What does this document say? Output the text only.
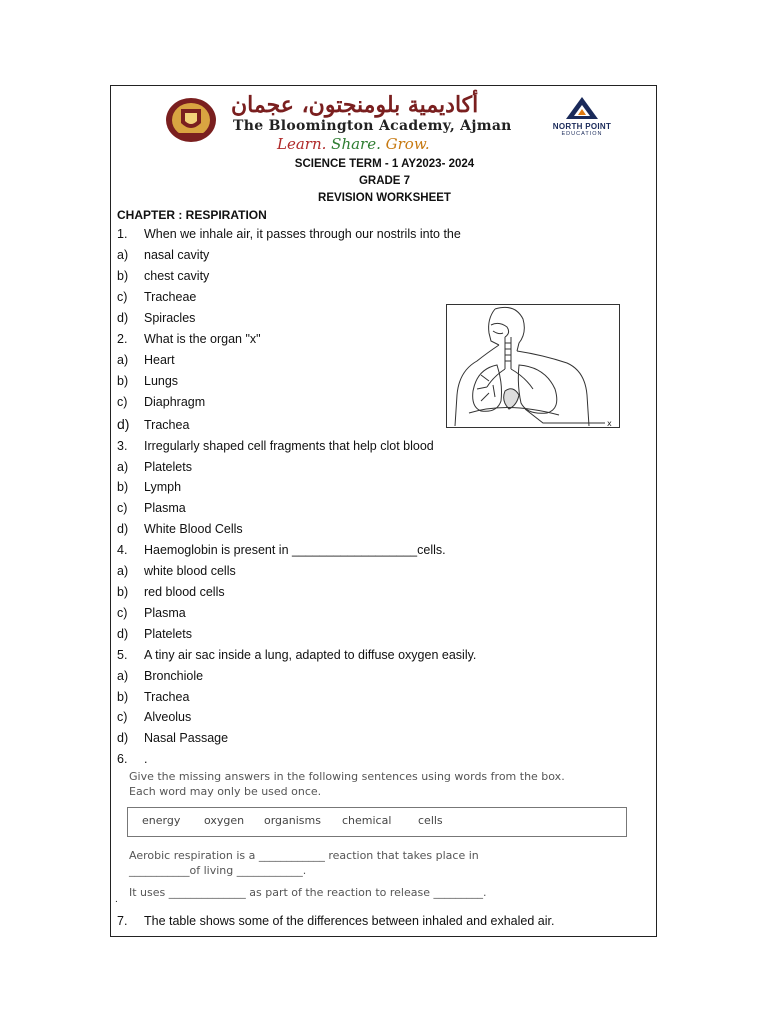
أكاديمية بلومنجتون، عجمان
The Bloomington Academy, Ajman
Learn. Share. Grow.
NORTH POINT
EDUCATION
SCIENCE TERM - 1 AY2023- 2024
GRADE 7
REVISION WORKSHEET
CHAPTER : RESPIRATION
1. When we inhale air, it passes through our nostrils into the
a) nasal cavity
b) chest cavity
c) Tracheae
d) Spiracles
2. What is the organ "x"
a) Heart
b) Lungs
c) Diaphragm
d) Trachea	x
3. Irregularly shaped cell fragments that help clot blood
a) Platelets
b) Lymph
c) Plasma
d) White Blood Cells
4. Haemoglobin is present in __________________cells.
a) white blood cells
b) red blood cells
c) Plasma
d) Platelets
5. A tiny air sac inside a lung, adapted to diffuse oxygen easily.
a) Bronchiole
b) Trachea
c) Alveolus
d) Nasal Passage
6. .
Give the missing answers in the following sentences using words from the box.
Each word may only be used once.
energy oxygen organisms chemical cells
Aerobic respiration is a ____________ reaction that takes place in
___________of living ____________.
It uses ______________ as part of the reaction to release _________.
.
7. The table shows some of the differences between inhaled and exhaled air.
